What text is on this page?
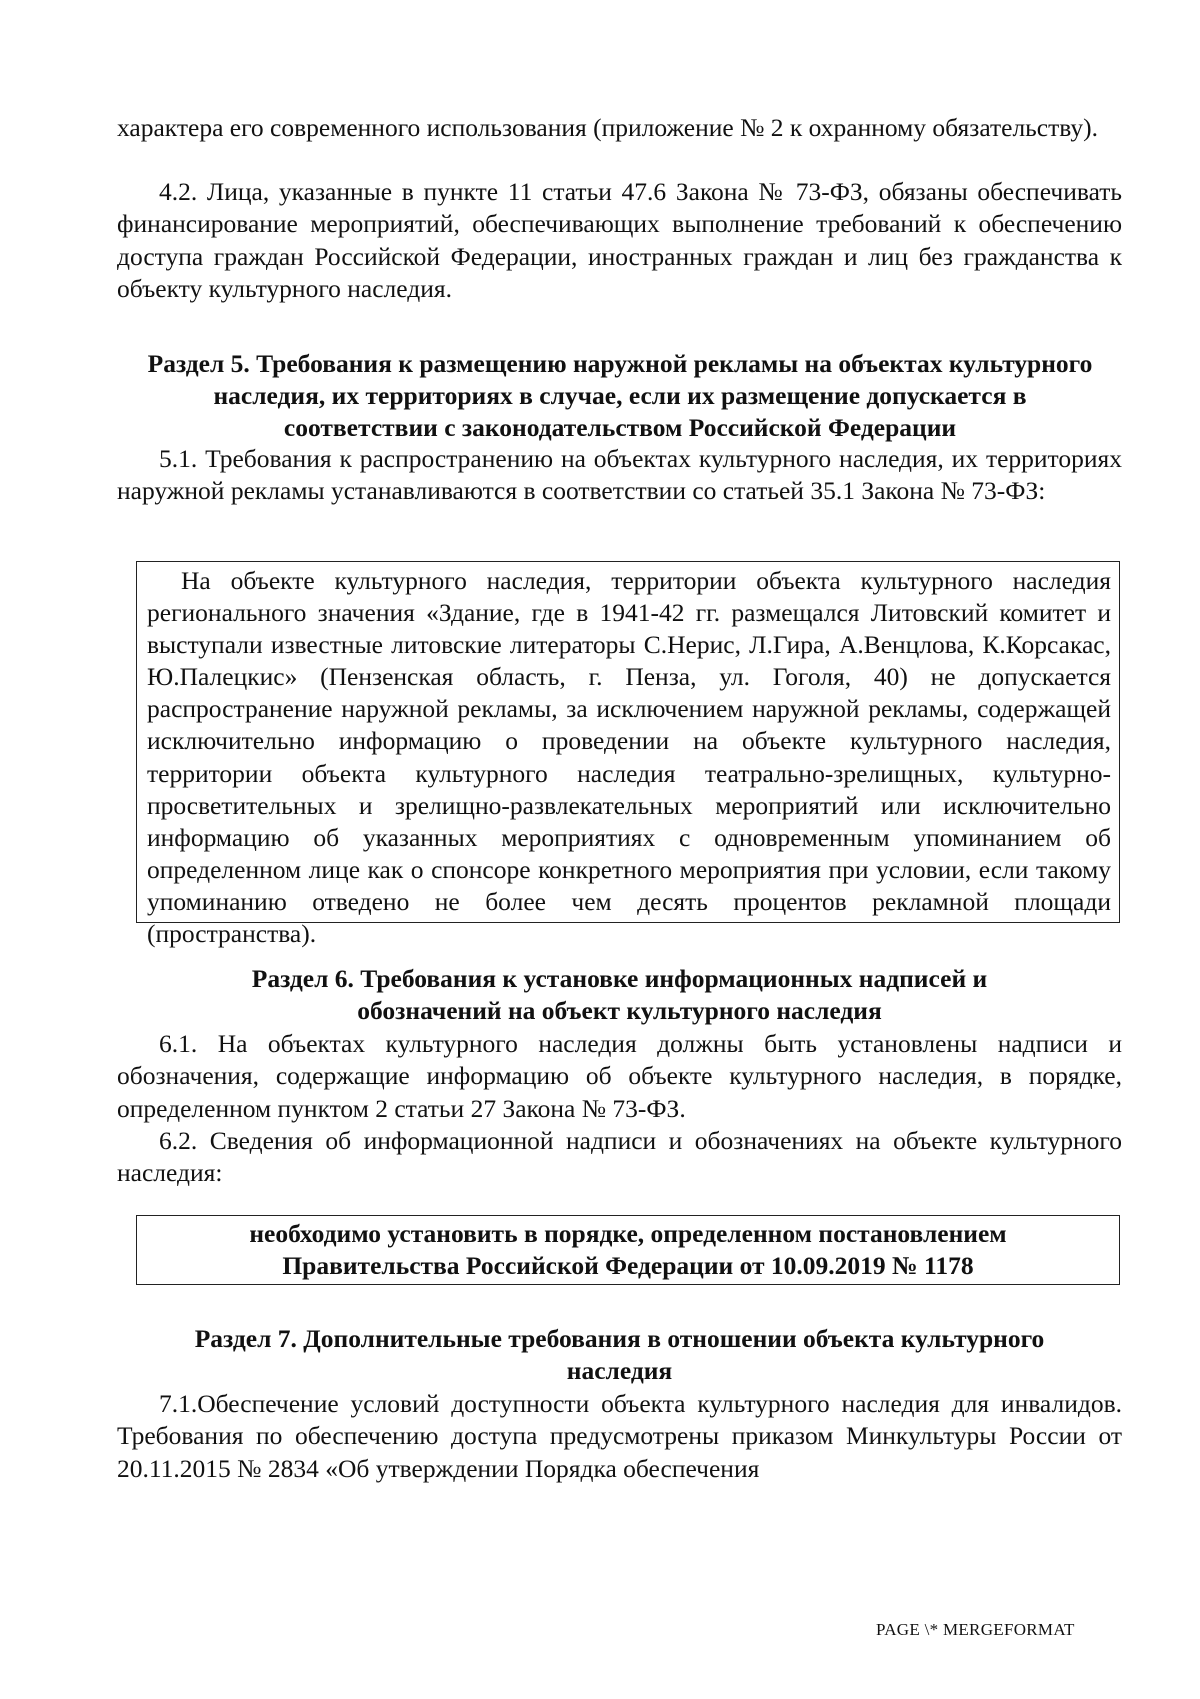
характера его современного использования (приложение № 2 к охранному обязательству).

4.2. Лица, указанные в пункте 11 статьи 47.6 Закона № 73-ФЗ, обязаны обеспечивать финансирование мероприятий, обеспечивающих выполнение требований к обеспечению доступа граждан Российской Федерации, иностранных граждан и лиц без гражданства к объекту культурного наследия.

Раздел 5. Требования к размещению наружной рекламы на объектах культурного наследия, их территориях в случае, если их размещение допускается в соответствии с законодательством Российской Федерации

5.1. Требования к распространению на объектах культурного наследия, их территориях наружной рекламы устанавливаются в соответствии со статьей 35.1 Закона № 73-ФЗ:

На объекте культурного наследия, территории объекта культурного наследия регионального значения «Здание, где в 1941-42 гг. размещался Литовский комитет и выступали известные литовские литераторы С.Нерис, Л.Гира, А.Венцлова, К.Корсакас, Ю.Палецкис» (Пензенская область, г. Пенза, ул. Гоголя, 40) не допускается распространение наружной рекламы, за исключением наружной рекламы, содержащей исключительно информацию о проведении на объекте культурного наследия, территории объекта культурного наследия театрально-зрелищных, культурно-просветительных и зрелищно-развлекательных мероприятий или исключительно информацию об указанных мероприятиях с одновременным упоминанием об определенном лице как о спонсоре конкретного мероприятия при условии, если такому упоминанию отведено не более чем десять процентов рекламной площади (пространства).

Раздел 6. Требования к установке информационных надписей и
обозначений на объект культурного наследия

6.1. На объектах культурного наследия должны быть установлены надписи и обозначения, содержащие информацию об объекте культурного наследия, в порядке, определенном пунктом 2 статьи 27 Закона № 73-ФЗ.

6.2. Сведения об информационной надписи и обозначениях на объекте культурного наследия:

необходимо установить в порядке, определенном постановлением
Правительства Российской Федерации от 10.09.2019 № 1178
Раздел 7. Дополнительные требования в отношении объекта культурного
наследия

7.1.Обеспечение условий доступности объекта культурного наследия для инвалидов. Требования по обеспечению доступа предусмотрены приказом Минкультуры России от 20.11.2015 № 2834 «Об утверждении Порядка обеспечения

PAGE \* MERGEFORMAT
